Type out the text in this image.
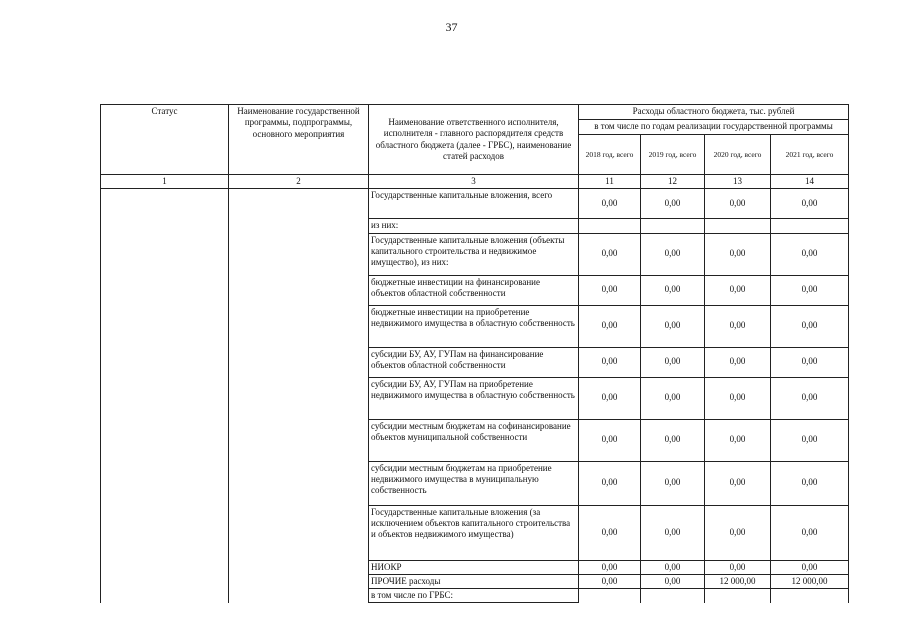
37
Статус	Наименование государственной программы, подпрограммы, основного мероприятия	Наименование ответственного исполнителя, исполнителя - главного распорядителя средств областного бюджета (далее - ГРБС), наименование статей расходов	Расходы областного бюджета, тыс. рублей			
			в том числе по годам реализации государственной программы			
			2018 год, всего	2019 год, всего	2020 год, всего	2021 год, всего
1	2	3	11	12	13	14
		Государственные капитальные вложения, всего	0,00	0,00	0,00	0,00
		из них:				
		Государственные капитальные вложения (объекты капитального строительства и недвижимое имущество), из них:	0,00	0,00	0,00	0,00
		бюджетные инвестиции на финансирование объектов областной собственности	0,00	0,00	0,00	0,00
		бюджетные инвестиции на приобретение недвижимого имущества в областную собственность	0,00	0,00	0,00	0,00
		субсидии БУ, АУ, ГУПам на финансирование объектов областной собственности	0,00	0,00	0,00	0,00
		субсидии БУ, АУ, ГУПам на приобретение недвижимого имущества в областную собственность	0,00	0,00	0,00	0,00
		субсидии местным бюджетам на софинансирование объектов муниципальной собственности	0,00	0,00	0,00	0,00
		субсидии местным бюджетам на приобретение недвижимого имущества в муниципальную собственность	0,00	0,00	0,00	0,00
		Государственные капитальные вложения (за исключением объектов капитального строительства и объектов недвижимого имущества)	0,00	0,00	0,00	0,00
		НИОКР	0,00	0,00	0,00	0,00
		ПРОЧИЕ расходы	0,00	0,00	12 000,00	12 000,00
		в том числе по ГРБС:				
